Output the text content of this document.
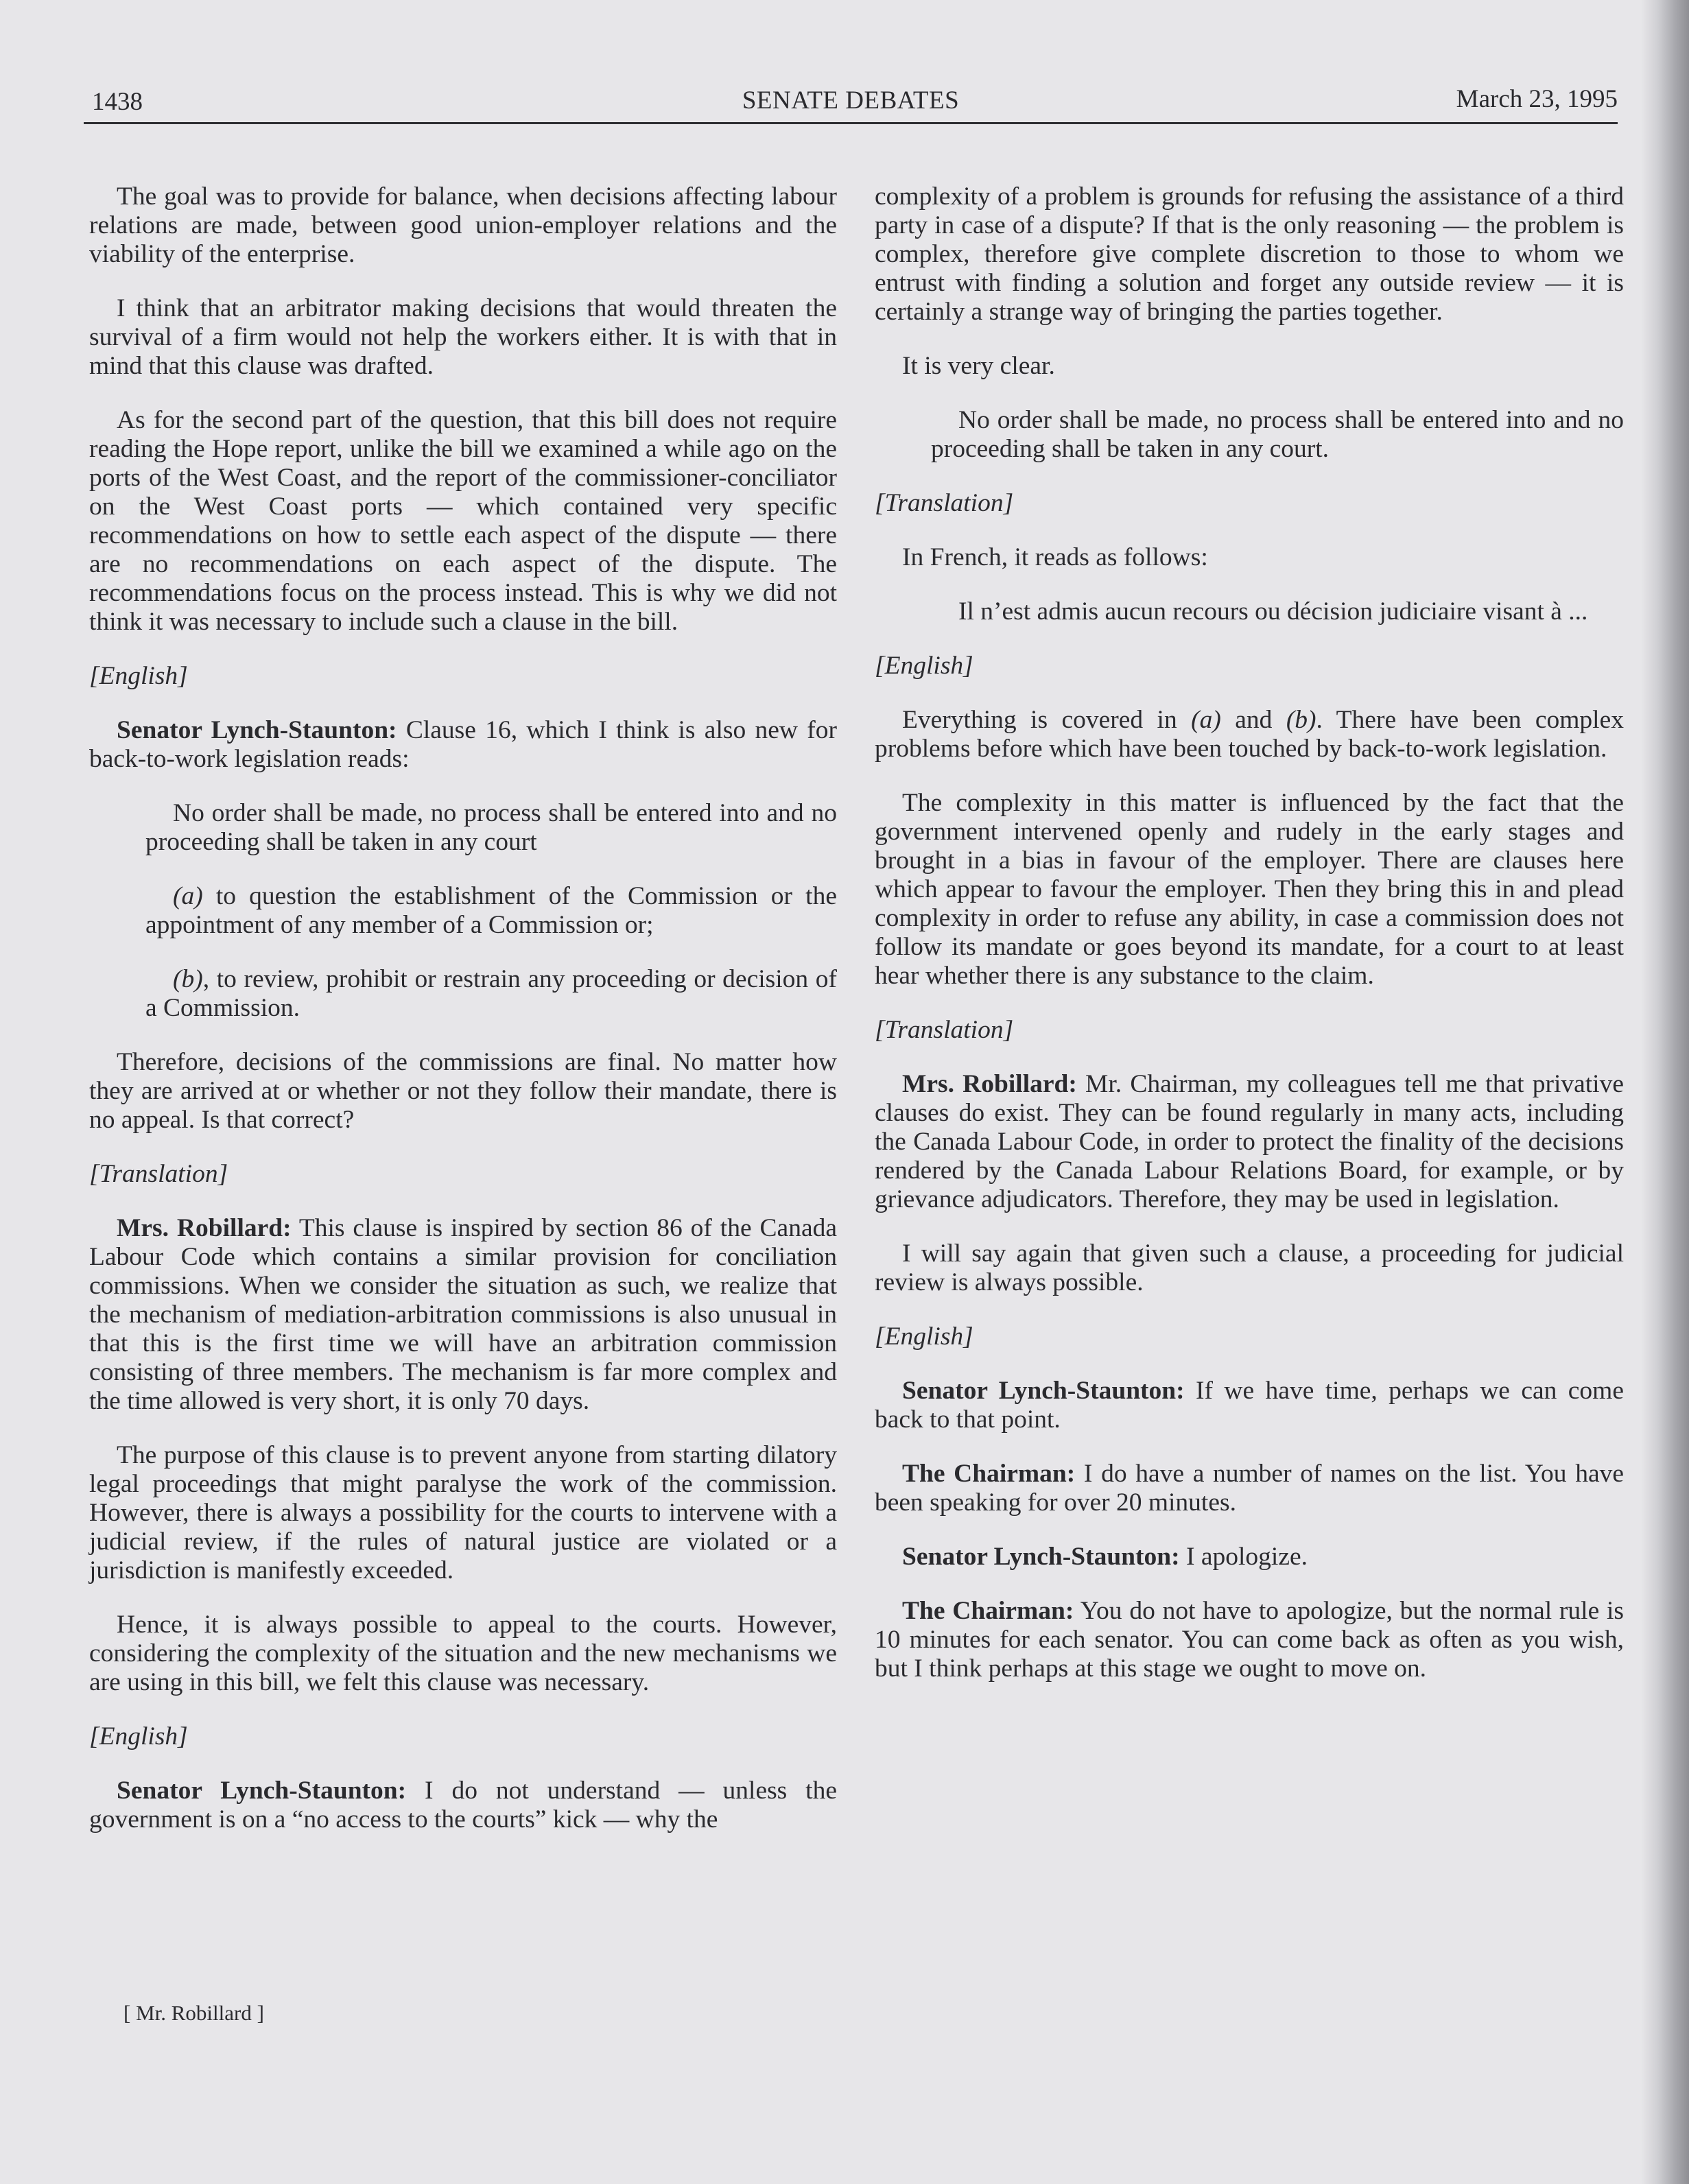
1438	SENATE DEBATES	March 23, 1995

The goal was to provide for balance, when decisions affecting labour relations are made, between good union-employer relations and the viability of the enterprise.

I think that an arbitrator making decisions that would threaten the survival of a firm would not help the workers either. It is with that in mind that this clause was drafted.

As for the second part of the question, that this bill does not require reading the Hope report, unlike the bill we examined a while ago on the ports of the West Coast, and the report of the commissioner-conciliator on the West Coast ports — which contained very specific recommendations on how to settle each aspect of the dispute — there are no recommendations on each aspect of the dispute. The recommendations focus on the process instead. This is why we did not think it was necessary to include such a clause in the bill.

[English]

Senator Lynch-Staunton: Clause 16, which I think is also new for back-to-work legislation reads:

No order shall be made, no process shall be entered into and no proceeding shall be taken in any court

(a) to question the establishment of the Commission or the appointment of any member of a Commission or;

(b), to review, prohibit or restrain any proceeding or decision of a Commission.

Therefore, decisions of the commissions are final. No matter how they are arrived at or whether or not they follow their mandate, there is no appeal. Is that correct?

[Translation]

Mrs. Robillard: This clause is inspired by section 86 of the Canada Labour Code which contains a similar provision for conciliation commissions. When we consider the situation as such, we realize that the mechanism of mediation-arbitration commissions is also unusual in that this is the first time we will have an arbitration commission consisting of three members. The mechanism is far more complex and the time allowed is very short, it is only 70 days.

The purpose of this clause is to prevent anyone from starting dilatory legal proceedings that might paralyse the work of the commission. However, there is always a possibility for the courts to intervene with a judicial review, if the rules of natural justice are violated or a jurisdiction is manifestly exceeded.

Hence, it is always possible to appeal to the courts. However, considering the complexity of the situation and the new mechanisms we are using in this bill, we felt this clause was necessary.

[English]

Senator Lynch-Staunton: I do not understand — unless the government is on a “no access to the courts” kick — why the

complexity of a problem is grounds for refusing the assistance of a third party in case of a dispute? If that is the only reasoning — the problem is complex, therefore give complete discretion to those to whom we entrust with finding a solution and forget any outside review — it is certainly a strange way of bringing the parties together.

It is very clear.

No order shall be made, no process shall be entered into and no proceeding shall be taken in any court.

[Translation]

In French, it reads as follows:

Il n’est admis aucun recours ou décision judiciaire visant à ...

[English]

Everything is covered in (a) and (b). There have been complex problems before which have been touched by back-to-work legislation.

The complexity in this matter is influenced by the fact that the government intervened openly and rudely in the early stages and brought in a bias in favour of the employer. There are clauses here which appear to favour the employer. Then they bring this in and plead complexity in order to refuse any ability, in case a commission does not follow its mandate or goes beyond its mandate, for a court to at least hear whether there is any substance to the claim.

[Translation]

Mrs. Robillard: Mr. Chairman, my colleagues tell me that privative clauses do exist. They can be found regularly in many acts, including the Canada Labour Code, in order to protect the finality of the decisions rendered by the Canada Labour Relations Board, for example, or by grievance adjudicators. Therefore, they may be used in legislation.

I will say again that given such a clause, a proceeding for judicial review is always possible.

[English]

Senator Lynch-Staunton: If we have time, perhaps we can come back to that point.

The Chairman: I do have a number of names on the list. You have been speaking for over 20 minutes.

Senator Lynch-Staunton: I apologize.

The Chairman: You do not have to apologize, but the normal rule is 10 minutes for each senator. You can come back as often as you wish, but I think perhaps at this stage we ought to move on.

[ Mr. Robillard ]
